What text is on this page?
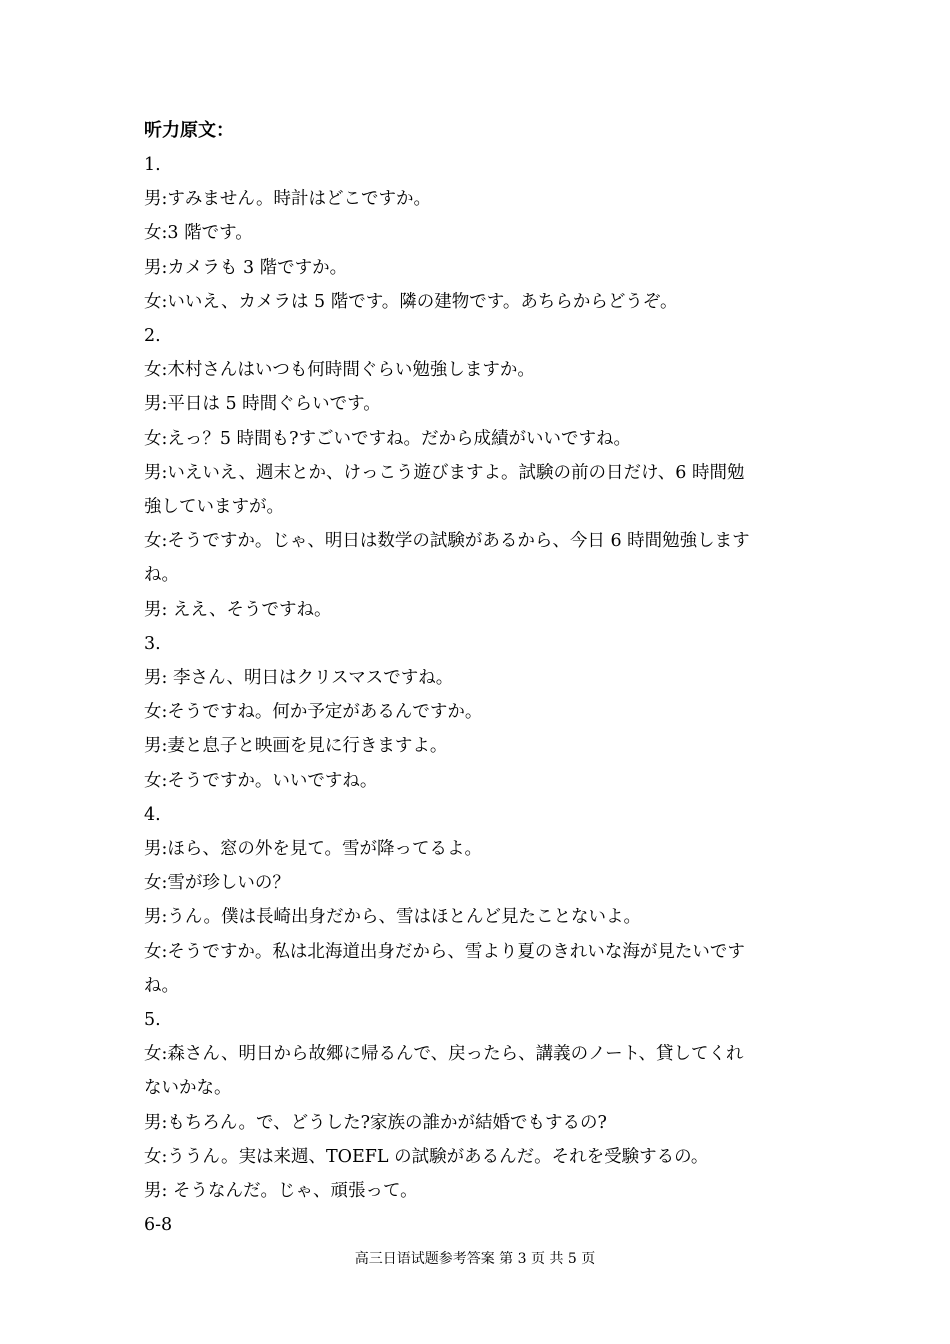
听力原文：
1.
男:すみません。時計はどこですか。
女:3 階です。
男:カメラも 3 階ですか。
女:いいえ、カメラは 5 階です。隣の建物です。あちらからどうぞ。
2.
女:木村さんはいつも何時間ぐらい勉強しますか。
男:平日は 5 時間ぐらいです。
女:えっ？5 時間も?すごいですね。だから成績がいいですね。
男:いえいえ、週末とか、けっこう遊びますよ。試験の前の日だけ、6 時間勉
強していますが。
女:そうですか。じゃ、明日は数学の試験があるから、今日 6 時間勉強します
ね。
男: ええ、そうですね。
3.
男: 李さん、明日はクリスマスですね。
女:そうですね。何か予定があるんですか。
男:妻と息子と映画を見に行きますよ。
女:そうですか。いいですね。
4.
男:ほら、窓の外を見て。雪が降ってるよ。
女:雪が珍しいの？
男:うん。僕は長崎出身だから、雪はほとんど見たことないよ。
女:そうですか。私は北海道出身だから、雪より夏のきれいな海が見たいです
ね。
5.
女:森さん、明日から故郷に帰るんで、戻ったら、講義のノート、貸してくれ
ないかな。
男:もちろん。で、どうした?家族の誰かが結婚でもするの?
女:ううん。実は来週、TOEFL の試験があるんだ。それを受験するの。
男: そうなんだ。じゃ、頑張って。
6-8
高三日语试题参考答案 第 3 页 共 5 页
